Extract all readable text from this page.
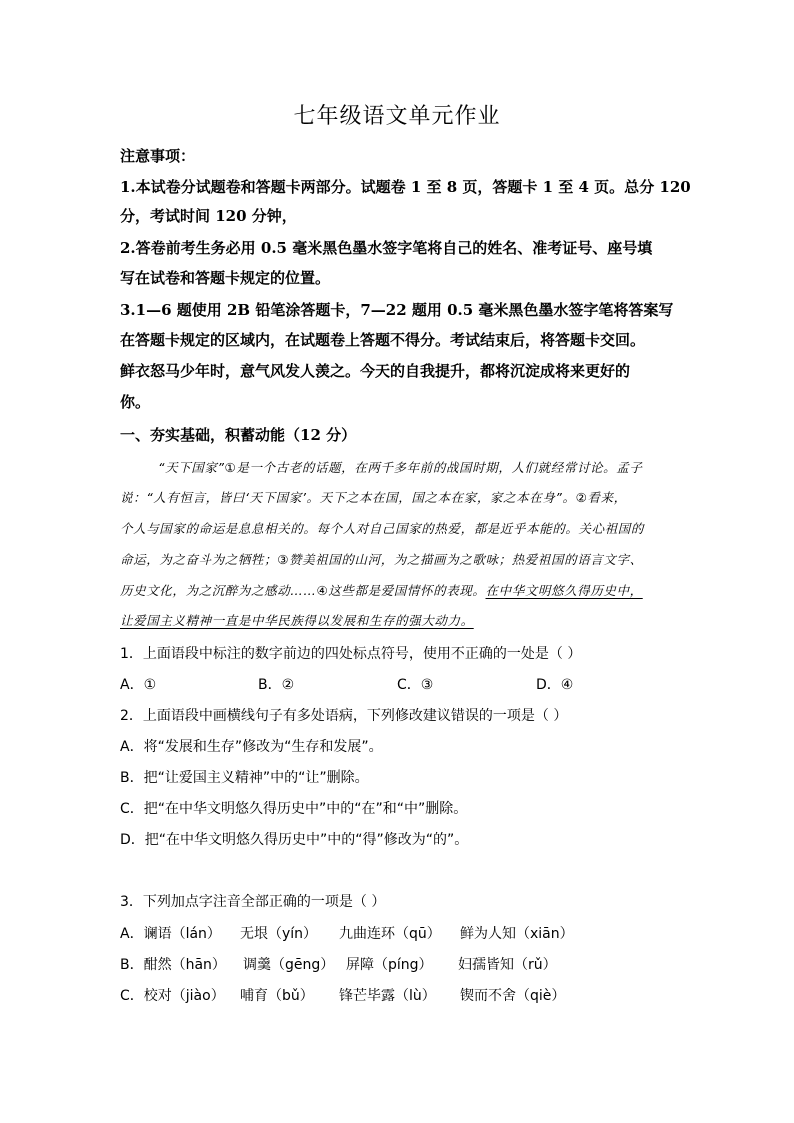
七年级语文单元作业
注意事项：
1.本试卷分试题卷和答题卡两部分。试题卷 1 至 8 页，答题卡 1 至 4 页。总分 120
分，考试时间 120 分钟，
2.答卷前考生务必用 0.5 毫米黑色墨水签字笔将自己的姓名、准考证号、座号填
写在试卷和答题卡规定的位置。
3.1—6 题使用 2B 铅笔涂答题卡，7—22 题用 0.5 毫米黑色墨水签字笔将答案写
在答题卡规定的区域内，在试题卷上答题不得分。考试结束后，将答题卡交回。
鲜衣怒马少年时，意气风发人羡之。今天的自我提升，都将沉淀成将来更好的
你。
一、夯实基础，积蓄动能（12 分）
“天下国家”①是一个古老的话题，在两千多年前的战国时期，人们就经常讨论。孟子
说：“人有恒言，皆曰‘天下国家’。天下之本在国，国之本在家，家之本在身”。②看来，
个人与国家的命运是息息相关的。每个人对自己国家的热爱，都是近乎本能的。关心祖国的
命运，为之奋斗为之牺牲；③赞美祖国的山河，为之描画为之歌咏；热爱祖国的语言文字、
历史文化，为之沉醉为之感动……④这些都是爱国情怀的表现。在中华文明悠久得历史中，
让爱国主义精神一直是中华民族得以发展和生存的强大动力。
1．上面语段中标注的数字前边的四处标点符号，使用不正确的一处是（ ）
A．①	B．②	C．③	D．④
2．上面语段中画横线句子有多处语病，下列修改建议错误的一项是（ ）
A．将“发展和生存”修改为“生存和发展”。
B．把“让爱国主义精神”中的“让”删除。
C．把“在中华文明悠久得历史中”中的“在”和“中”删除。
D．把“在中华文明悠久得历史中”中的“得”修改为“的”。
3．下列加点字注音全部正确的一项是（ ）
A．谰语（lán） 无垠（yín） 九曲连环（qū） 鲜为人知（xiān）
B．酣然（hān） 调羹（gēng） 屏障（píng） 妇孺皆知（rǔ）
C．校对（jiào） 哺育（bǔ） 锋芒毕露（lù） 锲而不舍（qiè）
